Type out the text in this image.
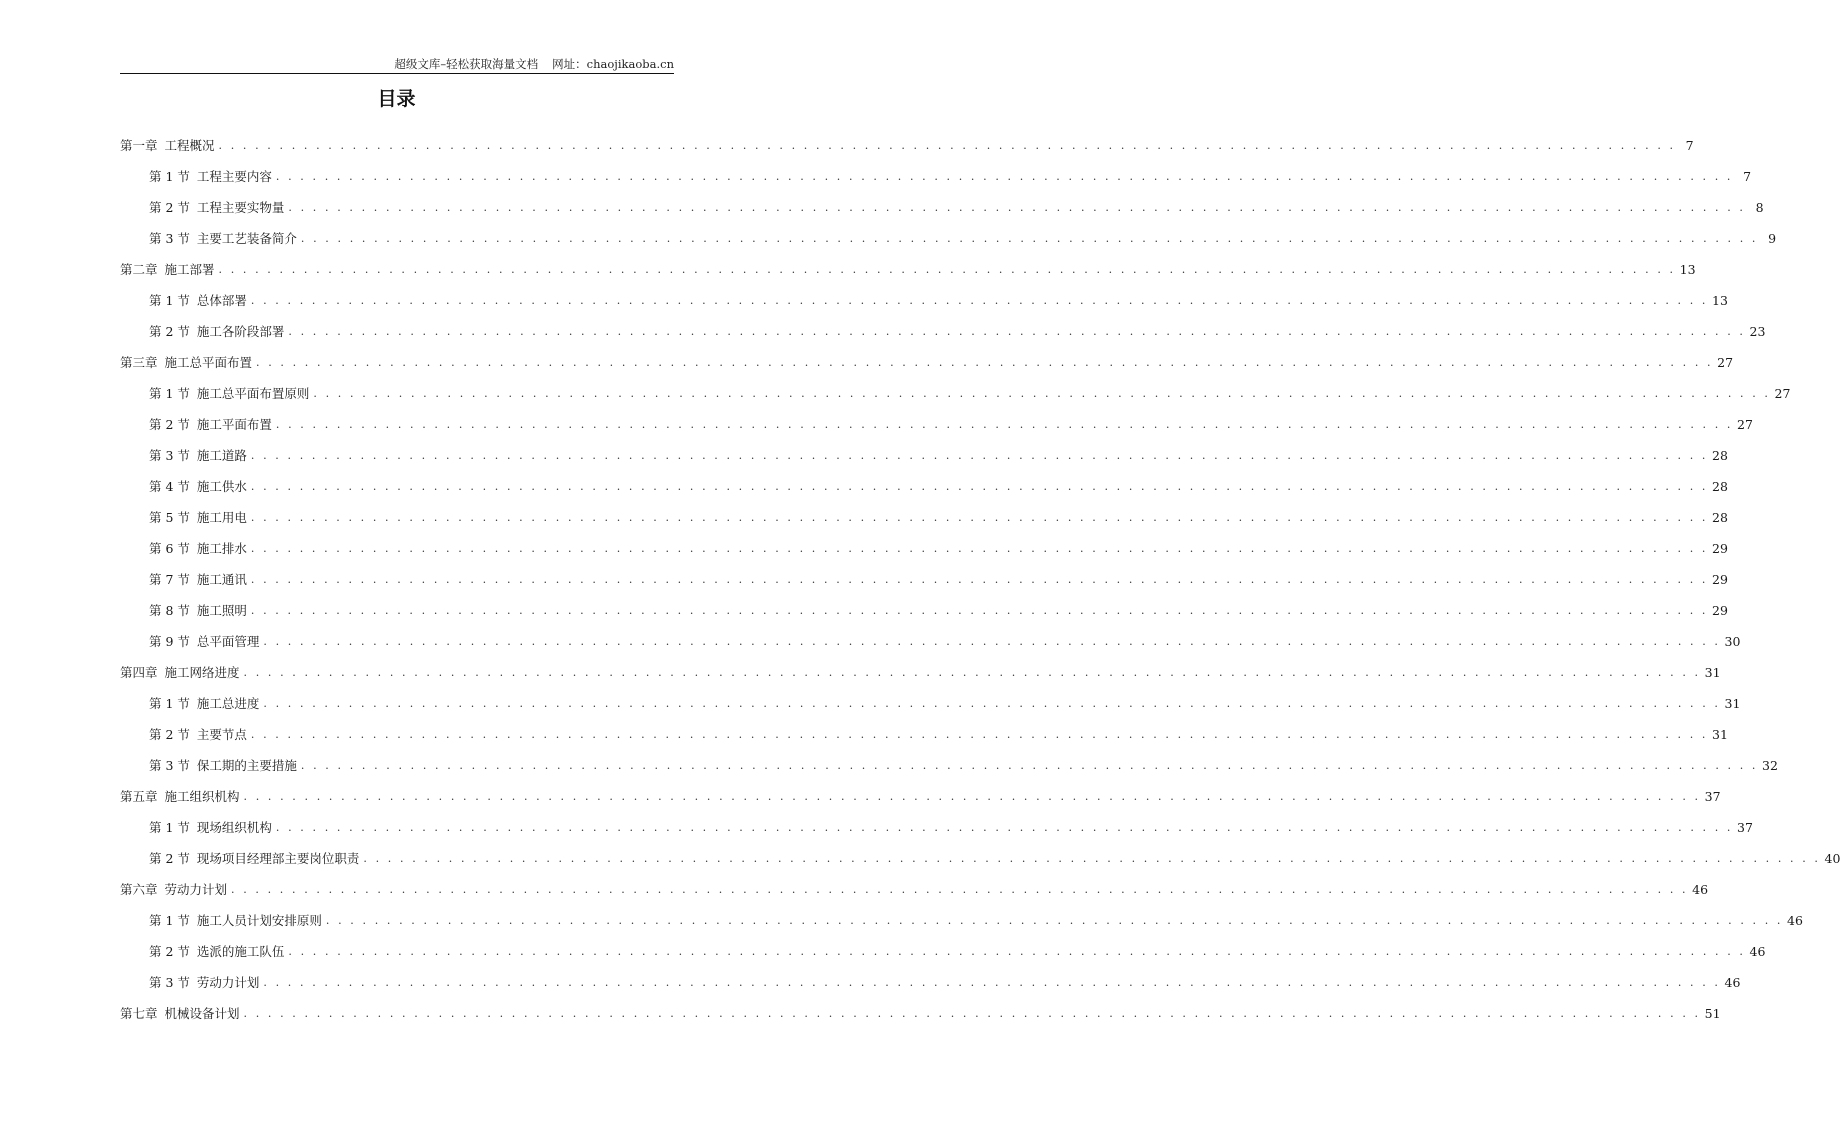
超级文库–轻松获取海量文档 网址：chaojikaoba.cn
目录
第一章 工程概况 . . . . . . . . . . . . . . . . . . . . . . . . . . . . . . . . . . . . . . . . . . . . . . . . . . . . . . . . . . . . . . . . . . . . . . . . . . . . . . . . . . . . . . . . . . . . . . . . . . . . . . . . . . . . . . . . . . . . . . . . 7
第 1 节 工程主要内容 . . . . . . . . . . . . . . . . . . . . . . . . . . . . . . . . . . . . . . . . . . . . . . . . . . . . . . . . . . . . . . . . . . . . . . . . . . . . . . . . . . . . . . . . . . . . . . . . . . . . . . . . . . . . . . . . . . . . . . . . 7
第 2 节 工程主要实物量 . . . . . . . . . . . . . . . . . . . . . . . . . . . . . . . . . . . . . . . . . . . . . . . . . . . . . . . . . . . . . . . . . . . . . . . . . . . . . . . . . . . . . . . . . . . . . . . . . . . . . . . . . . . . . . . . . . . . . . . . 8
第 3 节 主要工艺装备简介 . . . . . . . . . . . . . . . . . . . . . . . . . . . . . . . . . . . . . . . . . . . . . . . . . . . . . . . . . . . . . . . . . . . . . . . . . . . . . . . . . . . . . . . . . . . . . . . . . . . . . . . . . . . . . . . . . . . . . . . . 9
第二章 施工部署 . . . . . . . . . . . . . . . . . . . . . . . . . . . . . . . . . . . . . . . . . . . . . . . . . . . . . . . . . . . . . . . . . . . . . . . . . . . . . . . . . . . . . . . . . . . . . . . . . . . . . . . . . . . . . . . . . . . . . . . . 13
第 1 节 总体部署 . . . . . . . . . . . . . . . . . . . . . . . . . . . . . . . . . . . . . . . . . . . . . . . . . . . . . . . . . . . . . . . . . . . . . . . . . . . . . . . . . . . . . . . . . . . . . . . . . . . . . . . . . . . . . . . . . . . . . . . . 13
第 2 节 施工各阶段部署 . . . . . . . . . . . . . . . . . . . . . . . . . . . . . . . . . . . . . . . . . . . . . . . . . . . . . . . . . . . . . . . . . . . . . . . . . . . . . . . . . . . . . . . . . . . . . . . . . . . . . . . . . . . . . . . . . . . . . . . . 23
第三章 施工总平面布置 . . . . . . . . . . . . . . . . . . . . . . . . . . . . . . . . . . . . . . . . . . . . . . . . . . . . . . . . . . . . . . . . . . . . . . . . . . . . . . . . . . . . . . . . . . . . . . . . . . . . . . . . . . . . . . . . . . . . . . . . 27
第 1 节 施工总平面布置原则 . . . . . . . . . . . . . . . . . . . . . . . . . . . . . . . . . . . . . . . . . . . . . . . . . . . . . . . . . . . . . . . . . . . . . . . . . . . . . . . . . . . . . . . . . . . . . . . . . . . . . . . . . . . . . . . . . . . . . . . . 27
第 2 节 施工平面布置 . . . . . . . . . . . . . . . . . . . . . . . . . . . . . . . . . . . . . . . . . . . . . . . . . . . . . . . . . . . . . . . . . . . . . . . . . . . . . . . . . . . . . . . . . . . . . . . . . . . . . . . . . . . . . . . . . . . . . . . . 27
第 3 节 施工道路 . . . . . . . . . . . . . . . . . . . . . . . . . . . . . . . . . . . . . . . . . . . . . . . . . . . . . . . . . . . . . . . . . . . . . . . . . . . . . . . . . . . . . . . . . . . . . . . . . . . . . . . . . . . . . . . . . . . . . . . . 28
第 4 节 施工供水 . . . . . . . . . . . . . . . . . . . . . . . . . . . . . . . . . . . . . . . . . . . . . . . . . . . . . . . . . . . . . . . . . . . . . . . . . . . . . . . . . . . . . . . . . . . . . . . . . . . . . . . . . . . . . . . . . . . . . . . . 28
第 5 节 施工用电 . . . . . . . . . . . . . . . . . . . . . . . . . . . . . . . . . . . . . . . . . . . . . . . . . . . . . . . . . . . . . . . . . . . . . . . . . . . . . . . . . . . . . . . . . . . . . . . . . . . . . . . . . . . . . . . . . . . . . . . . 28
第 6 节 施工排水 . . . . . . . . . . . . . . . . . . . . . . . . . . . . . . . . . . . . . . . . . . . . . . . . . . . . . . . . . . . . . . . . . . . . . . . . . . . . . . . . . . . . . . . . . . . . . . . . . . . . . . . . . . . . . . . . . . . . . . . . 29
第 7 节 施工通讯 . . . . . . . . . . . . . . . . . . . . . . . . . . . . . . . . . . . . . . . . . . . . . . . . . . . . . . . . . . . . . . . . . . . . . . . . . . . . . . . . . . . . . . . . . . . . . . . . . . . . . . . . . . . . . . . . . . . . . . . . 29
第 8 节 施工照明 . . . . . . . . . . . . . . . . . . . . . . . . . . . . . . . . . . . . . . . . . . . . . . . . . . . . . . . . . . . . . . . . . . . . . . . . . . . . . . . . . . . . . . . . . . . . . . . . . . . . . . . . . . . . . . . . . . . . . . . . 29
第 9 节 总平面管理 . . . . . . . . . . . . . . . . . . . . . . . . . . . . . . . . . . . . . . . . . . . . . . . . . . . . . . . . . . . . . . . . . . . . . . . . . . . . . . . . . . . . . . . . . . . . . . . . . . . . . . . . . . . . . . . . . . . . . . . . 30
第四章 施工网络进度 . . . . . . . . . . . . . . . . . . . . . . . . . . . . . . . . . . . . . . . . . . . . . . . . . . . . . . . . . . . . . . . . . . . . . . . . . . . . . . . . . . . . . . . . . . . . . . . . . . . . . . . . . . . . . . . . . . . . . . . . 31
第 1 节 施工总进度 . . . . . . . . . . . . . . . . . . . . . . . . . . . . . . . . . . . . . . . . . . . . . . . . . . . . . . . . . . . . . . . . . . . . . . . . . . . . . . . . . . . . . . . . . . . . . . . . . . . . . . . . . . . . . . . . . . . . . . . . 31
第 2 节 主要节点 . . . . . . . . . . . . . . . . . . . . . . . . . . . . . . . . . . . . . . . . . . . . . . . . . . . . . . . . . . . . . . . . . . . . . . . . . . . . . . . . . . . . . . . . . . . . . . . . . . . . . . . . . . . . . . . . . . . . . . . . 31
第 3 节 保工期的主要措施 . . . . . . . . . . . . . . . . . . . . . . . . . . . . . . . . . . . . . . . . . . . . . . . . . . . . . . . . . . . . . . . . . . . . . . . . . . . . . . . . . . . . . . . . . . . . . . . . . . . . . . . . . . . . . . . . . . . . . . . . 32
第五章 施工组织机构 . . . . . . . . . . . . . . . . . . . . . . . . . . . . . . . . . . . . . . . . . . . . . . . . . . . . . . . . . . . . . . . . . . . . . . . . . . . . . . . . . . . . . . . . . . . . . . . . . . . . . . . . . . . . . . . . . . . . . . . . 37
第 1 节 现场组织机构 . . . . . . . . . . . . . . . . . . . . . . . . . . . . . . . . . . . . . . . . . . . . . . . . . . . . . . . . . . . . . . . . . . . . . . . . . . . . . . . . . . . . . . . . . . . . . . . . . . . . . . . . . . . . . . . . . . . . . . . . 37
第 2 节 现场项目经理部主要岗位职责 . . . . . . . . . . . . . . . . . . . . . . . . . . . . . . . . . . . . . . . . . . . . . . . . . . . . . . . . . . . . . . . . . . . . . . . . . . . . . . . . . . . . . . . . . . . . . . . . . . . . . . . . . . . . . . . . . . . . . . . . 40
第六章 劳动力计划 . . . . . . . . . . . . . . . . . . . . . . . . . . . . . . . . . . . . . . . . . . . . . . . . . . . . . . . . . . . . . . . . . . . . . . . . . . . . . . . . . . . . . . . . . . . . . . . . . . . . . . . . . . . . . . . . . . . . . . . . 46
第 1 节 施工人员计划安排原则 . . . . . . . . . . . . . . . . . . . . . . . . . . . . . . . . . . . . . . . . . . . . . . . . . . . . . . . . . . . . . . . . . . . . . . . . . . . . . . . . . . . . . . . . . . . . . . . . . . . . . . . . . . . . . . . . . . . . . . . . 46
第 2 节 选派的施工队伍 . . . . . . . . . . . . . . . . . . . . . . . . . . . . . . . . . . . . . . . . . . . . . . . . . . . . . . . . . . . . . . . . . . . . . . . . . . . . . . . . . . . . . . . . . . . . . . . . . . . . . . . . . . . . . . . . . . . . . . . . 46
第 3 节 劳动力计划 . . . . . . . . . . . . . . . . . . . . . . . . . . . . . . . . . . . . . . . . . . . . . . . . . . . . . . . . . . . . . . . . . . . . . . . . . . . . . . . . . . . . . . . . . . . . . . . . . . . . . . . . . . . . . . . . . . . . . . . . 46
第七章 机械设备计划 . . . . . . . . . . . . . . . . . . . . . . . . . . . . . . . . . . . . . . . . . . . . . . . . . . . . . . . . . . . . . . . . . . . . . . . . . . . . . . . . . . . . . . . . . . . . . . . . . . . . . . . . . . . . . . . . . . . . . . . . 51
